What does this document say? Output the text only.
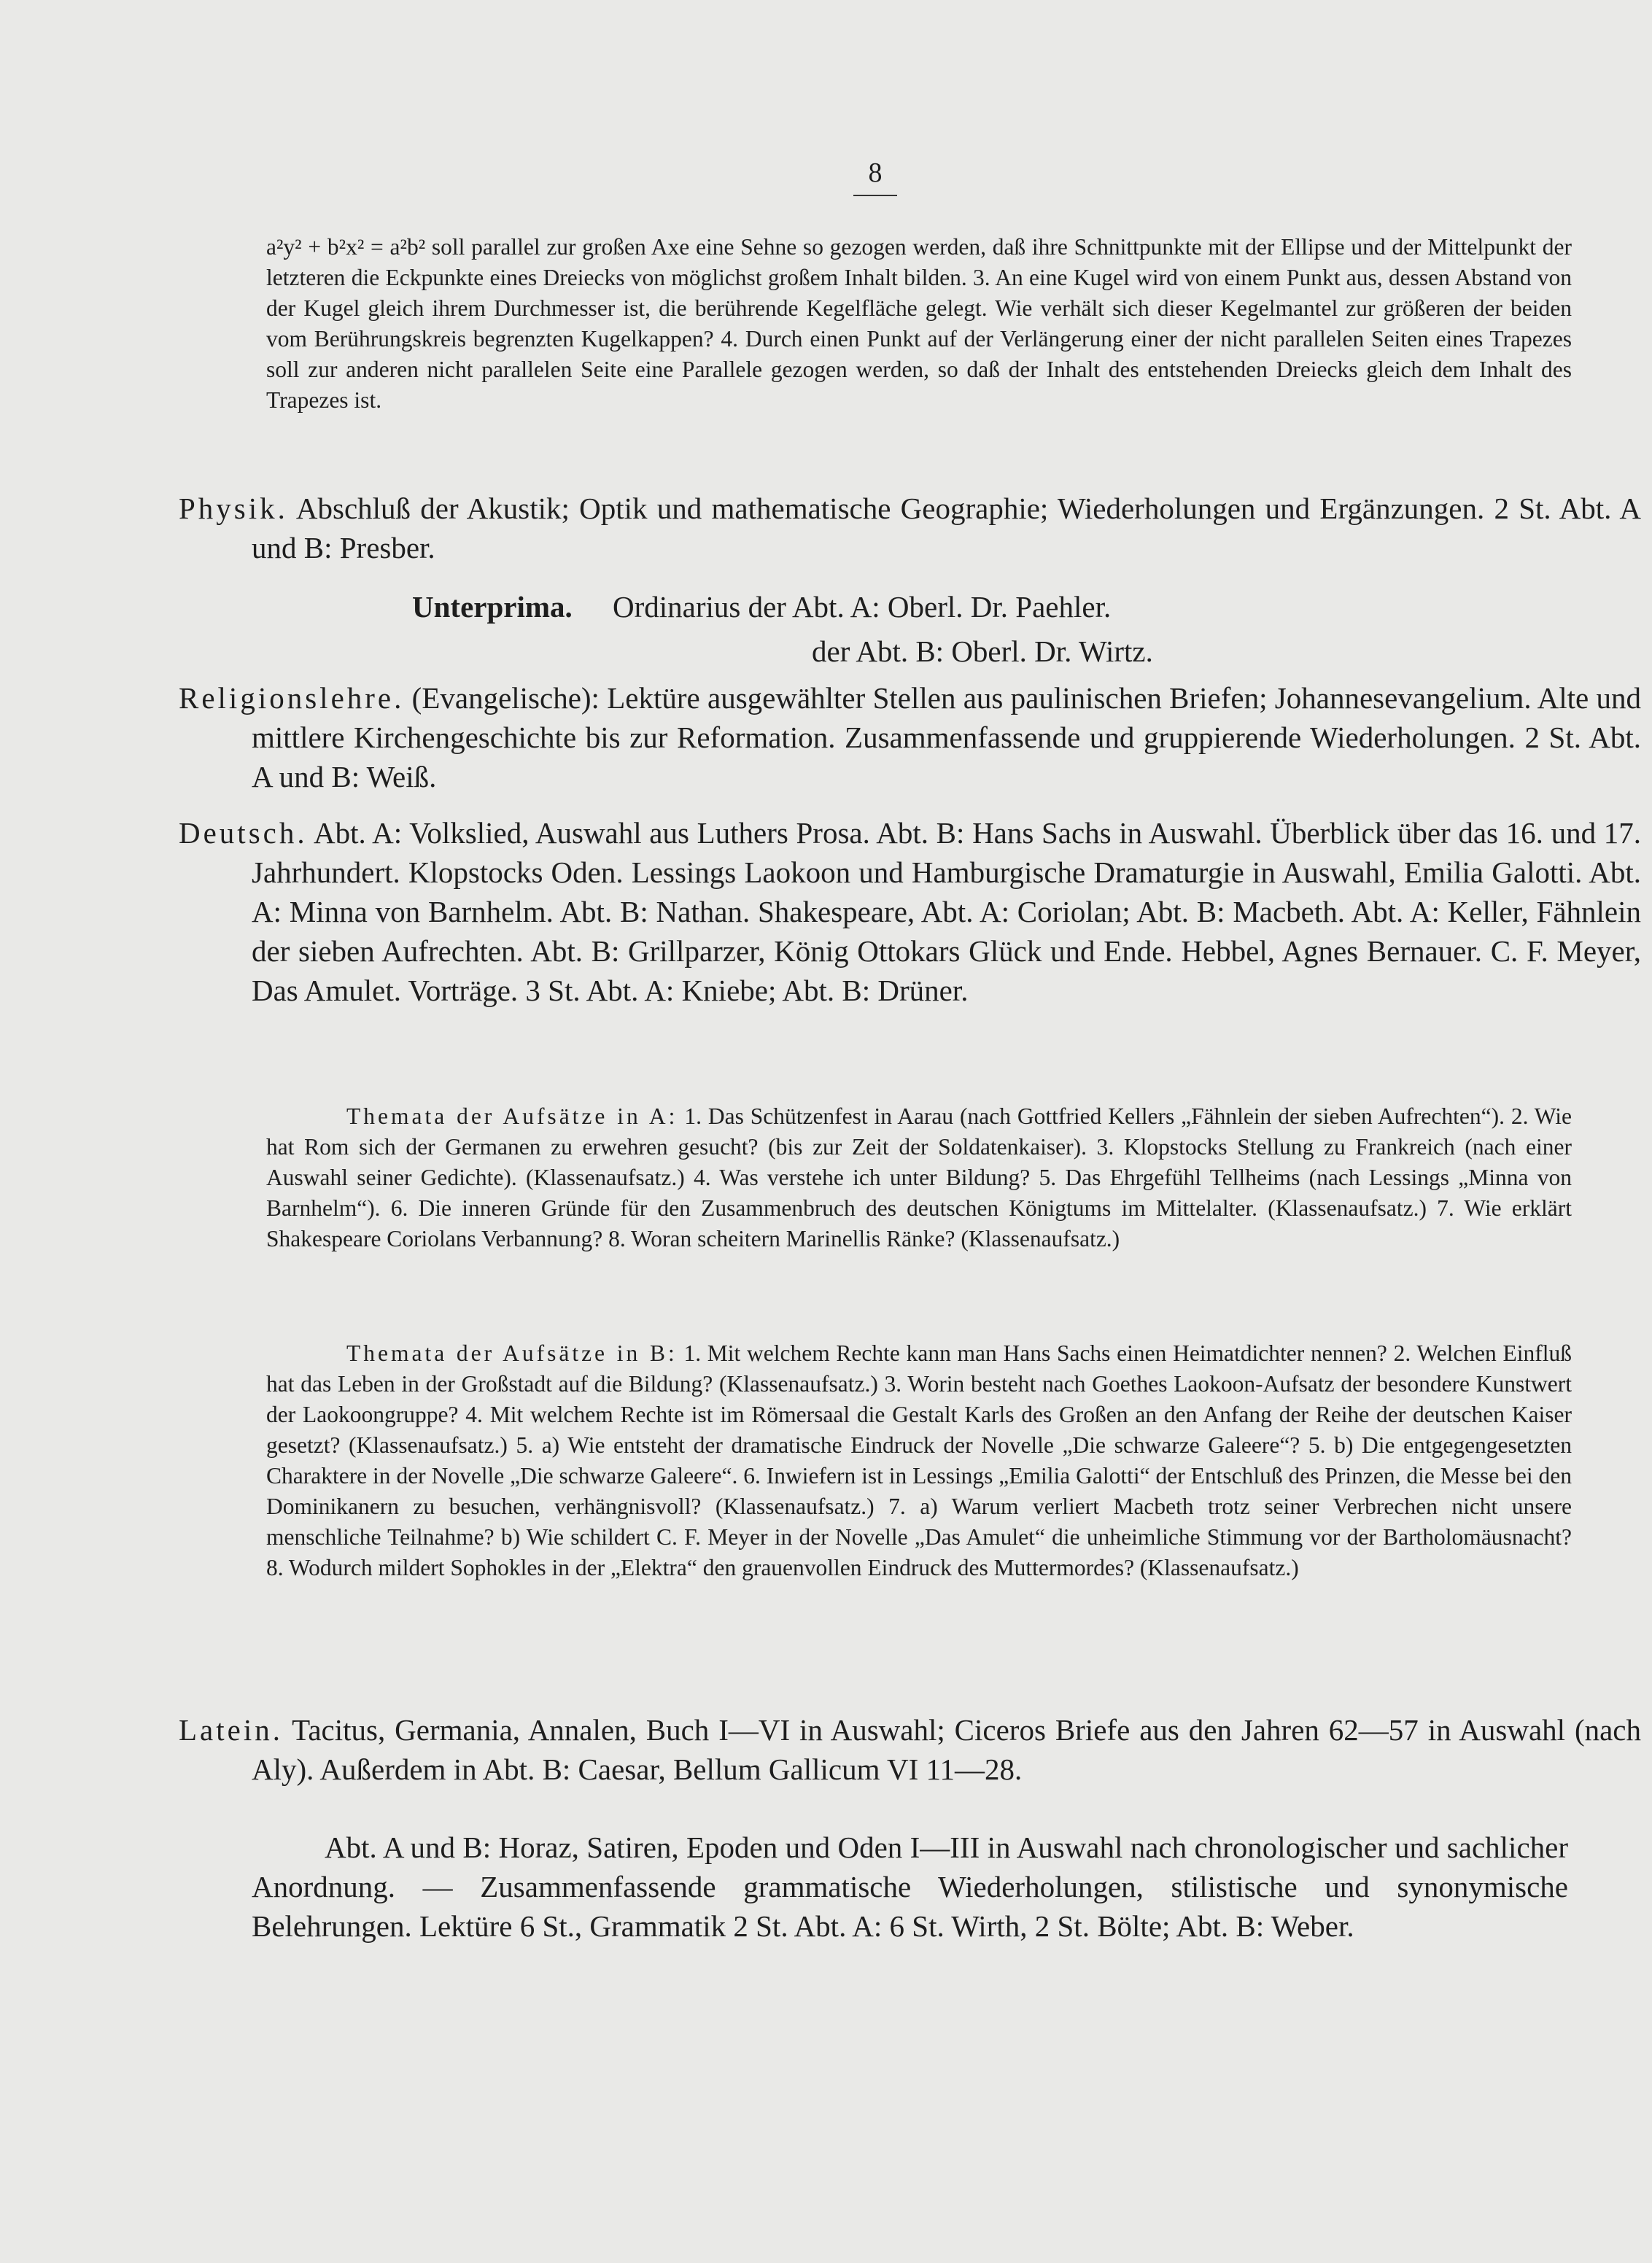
8
a²y² + b²x² = a²b² soll parallel zur großen Axe eine Sehne so gezogen werden, daß ihre Schnittpunkte mit der Ellipse und der Mittelpunkt der letzteren die Eckpunkte eines Dreiecks von möglichst großem Inhalt bilden. 3. An eine Kugel wird von einem Punkt aus, dessen Abstand von der Kugel gleich ihrem Durchmesser ist, die berührende Kegelfläche gelegt. Wie verhält sich dieser Kegelmantel zur größeren der beiden vom Berührungskreis begrenzten Kugelkappen? 4. Durch einen Punkt auf der Verlängerung einer der nicht parallelen Seiten eines Trapezes soll zur anderen nicht parallelen Seite eine Parallele gezogen werden, so daß der Inhalt des entstehenden Dreiecks gleich dem Inhalt des Trapezes ist.
Physik. Abschluß der Akustik; Optik und mathematische Geographie; Wiederholungen und Ergänzungen. 2 St. Abt. A und B: Presber.
Unterprima. Ordinarius der Abt. A: Oberl. Dr. Paehler.
der Abt. B: Oberl. Dr. Wirtz.
Religionslehre. (Evangelische): Lektüre ausgewählter Stellen aus paulinischen Briefen; Johannesevangelium. Alte und mittlere Kirchengeschichte bis zur Reformation. Zusammenfassende und gruppierende Wiederholungen. 2 St. Abt. A und B: Weiß.
Deutsch. Abt. A: Volkslied, Auswahl aus Luthers Prosa. Abt. B: Hans Sachs in Auswahl. Überblick über das 16. und 17. Jahrhundert. Klopstocks Oden. Lessings Laokoon und Hamburgische Dramaturgie in Auswahl, Emilia Galotti. Abt. A: Minna von Barnhelm. Abt. B: Nathan. Shakespeare, Abt. A: Coriolan; Abt. B: Macbeth. Abt. A: Keller, Fähnlein der sieben Aufrechten. Abt. B: Grillparzer, König Ottokars Glück und Ende. Hebbel, Agnes Bernauer. C. F. Meyer, Das Amulet. Vorträge. 3 St. Abt. A: Kniebe; Abt. B: Drüner.
Themata der Aufsätze in A: 1. Das Schützenfest in Aarau (nach Gottfried Kellers „Fähnlein der sieben Aufrechten“). 2. Wie hat Rom sich der Germanen zu erwehren gesucht? (bis zur Zeit der Soldatenkaiser). 3. Klopstocks Stellung zu Frankreich (nach einer Auswahl seiner Gedichte). (Klassenaufsatz.) 4. Was verstehe ich unter Bildung? 5. Das Ehrgefühl Tellheims (nach Lessings „Minna von Barnhelm“). 6. Die inneren Gründe für den Zusammenbruch des deutschen Königtums im Mittelalter. (Klassenaufsatz.) 7. Wie erklärt Shakespeare Coriolans Verbannung? 8. Woran scheitern Marinellis Ränke? (Klassenaufsatz.)
Themata der Aufsätze in B: 1. Mit welchem Rechte kann man Hans Sachs einen Heimatdichter nennen? 2. Welchen Einfluß hat das Leben in der Großstadt auf die Bildung? (Klassenaufsatz.) 3. Worin besteht nach Goethes Laokoon-Aufsatz der besondere Kunstwert der Laokoongruppe? 4. Mit welchem Rechte ist im Römersaal die Gestalt Karls des Großen an den Anfang der Reihe der deutschen Kaiser gesetzt? (Klassenaufsatz.) 5. a) Wie entsteht der dramatische Eindruck der Novelle „Die schwarze Galeere“? 5. b) Die entgegengesetzten Charaktere in der Novelle „Die schwarze Galeere“. 6. Inwiefern ist in Lessings „Emilia Galotti“ der Entschluß des Prinzen, die Messe bei den Dominikanern zu besuchen, verhängnisvoll? (Klassenaufsatz.) 7. a) Warum verliert Macbeth trotz seiner Verbrechen nicht unsere menschliche Teilnahme? b) Wie schildert C. F. Meyer in der Novelle „Das Amulet“ die unheimliche Stimmung vor der Bartholomäusnacht? 8. Wodurch mildert Sophokles in der „Elektra“ den grauenvollen Eindruck des Muttermordes? (Klassenaufsatz.)
Latein. Tacitus, Germania, Annalen, Buch I—VI in Auswahl; Ciceros Briefe aus den Jahren 62—57 in Auswahl (nach Aly). Außerdem in Abt. B: Caesar, Bellum Gallicum VI 11—28.
Abt. A und B: Horaz, Satiren, Epoden und Oden I—III in Auswahl nach chronologischer und sachlicher Anordnung. — Zusammenfassende grammatische Wiederholungen, stilistische und synonymische Belehrungen. Lektüre 6 St., Grammatik 2 St. Abt. A: 6 St. Wirth, 2 St. Bölte; Abt. B: Weber.
